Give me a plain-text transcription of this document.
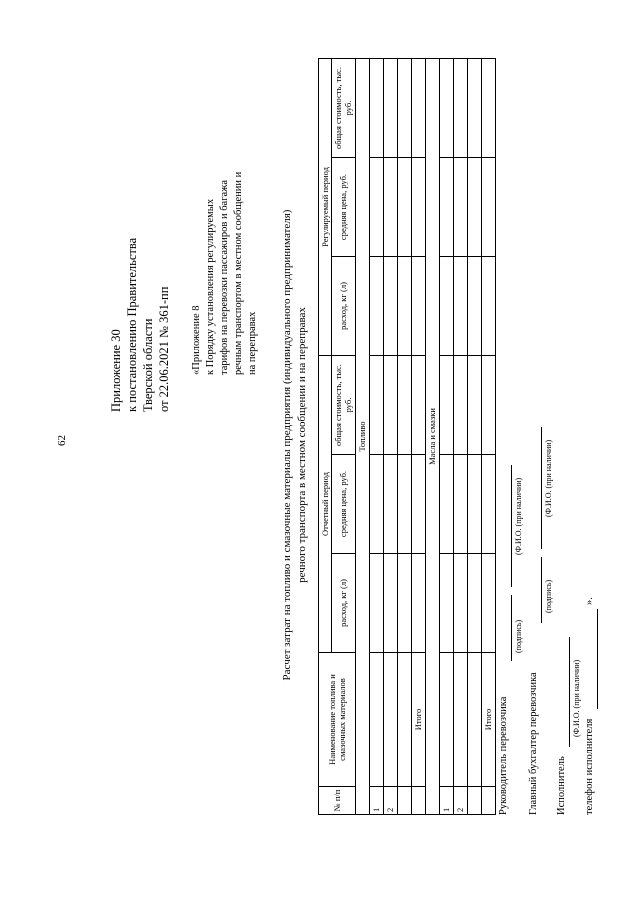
62
Приложение 30 к постановлению Правительства Тверской области от 22.06.2021 № 361-пп «Приложение 8 к Порядку установления регулируемых тарифов на перевозки пассажиров и багажа речным транспортом в местном сообщении и на переправах Расчет затрат на топливо и смазочные материалы предприятия (индивидуального предпринимателя) речного транспорта в местном сообщении и на переправах
№ п/п	Наименование топлива и смазочных материалов	Отчетный период			Регулируемый период		
		расход, кг (л)	средняя цена, руб.	общая стоимость, тыс. руб.	расход, кг (л)	средняя цена, руб.	общая стоимость, тыс. руб.
Топливо							
1							
2							

	Итого						
Масла и смазки							
1							
2							

	Итого						Руководитель перевозчика
(подпись)
(Ф.И.О. (при наличии)
Главный бухгалтер перевозчика
(подпись)
(Ф.И.О. (при наличии)
Исполнитель
(Ф.И.О. (при наличии)
телефон исполнителя
».
